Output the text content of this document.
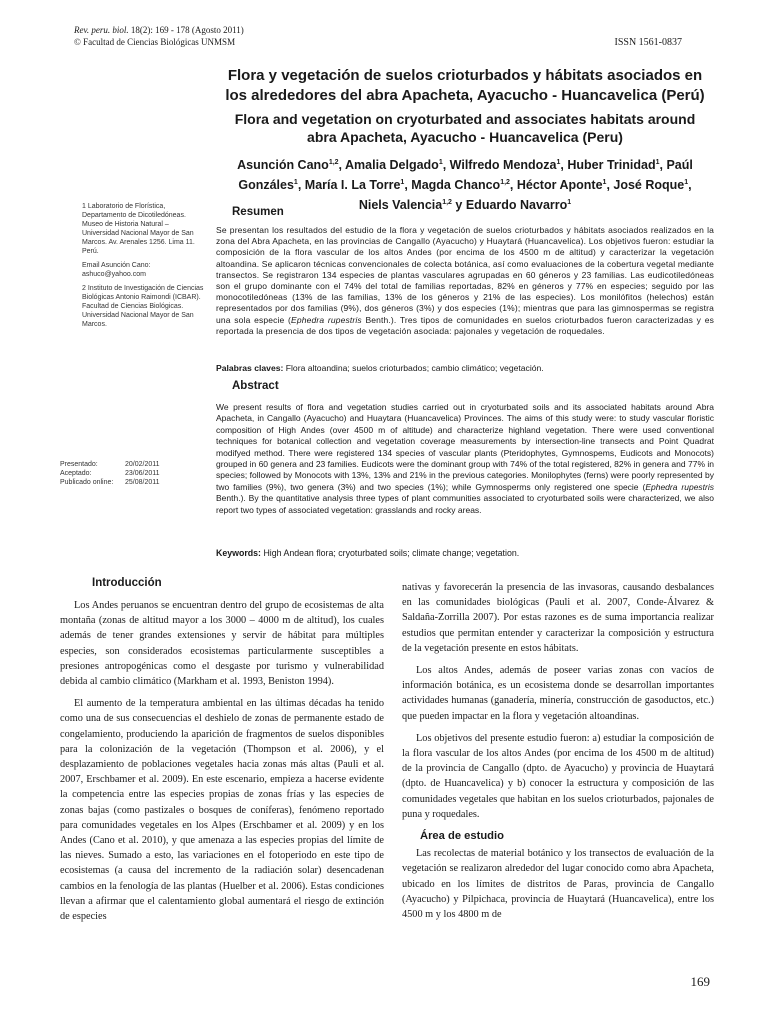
Rev. peru. biol. 18(2): 169 - 178 (Agosto 2011)
© Facultad de Ciencias Biológicas UNMSM	ISSN 1561-0837
Flora y vegetación de suelos crioturbados y hábitats asociados en
los alrededores del abra Apacheta, Ayacucho - Huancavelica (Perú)
Flora and vegetation on cryoturbated and associates habitats around
abra Apacheta, Ayacucho - Huancavelica (Peru)
Asunción Cano$^{1,2}$, Amalia Delgado$^1$, Wilfredo Mendoza$^1$, Huber Trinidad$^1$, Paúl
Gonzáles$^1$, María I. La Torre$^1$, Magda Chanco$^{1,2}$, Héctor Aponte$^1$, José Roque$^1$,
Niels Valencia$^{1,2}$ y Eduardo Navarro$^1$

1 Laboratorio de Florística, Departamento de Dicotiledóneas. Museo de Historia Natural –Universidad Nacional Mayor de San Marcos. Av. Arenales 1256. Lima 11. Perú.

Email Asunción Cano:
ashuco@yahoo.com

2 Instituto de Investigación de Ciencias Biológicas Antonio Raimondi (ICBAR). Facultad de Ciencias Biológicas. Universidad Nacional Mayor de San Marcos.

Resumen
Se presentan los resultados del estudio de la flora y vegetación de suelos crioturbados y hábitats asociados realizados en la zona del Abra Apacheta, en las provincias de Cangallo (Ayacucho) y Huaytará (Huancavelica). Los objetivos fueron: estudiar la composición de la flora vascular de los altos Andes (por encima de los 4500 m de altitud) y caracterizar la vegetación altoandina. Se aplicaron técnicas convencionales de colecta botánica, así como evaluaciones de la cobertura vegetal mediante transectos. Se registraron 134 especies de plantas vasculares agrupadas en 60 géneros y 23 familias. Las eudicotiledóneas son el grupo dominante con el 74% del total de familias reportadas, 82% en géneros y 77% en especies; seguido por las monocotiledóneas (13% de las familias, 13% de los géneros y 21% de las especies). Los monilófitos (helechos) están representados por dos familias (9%), dos géneros (3%) y dos especies (1%); mientras que para las gimnospermas se registra una sola especie (Ephedra rupestris Benth.). Tres tipos de comunidades en suelos crioturbados fueron caracterizadas y es reportada la presencia de dos tipos de vegetación asociada: pajonales y vegetación de roquedales.
Palabras claves: Flora altoandina; suelos crioturbados; cambio climático; vegetación.
Abstract
We present results of flora and vegetation studies carried out in cryoturbated soils and its associated habitats around Abra Apacheta, in Cangallo (Ayacucho) and Huaytara (Huancavelica) Provinces. The aims of this study were: to study vascular floristic composition of High Andes (over 4500 m of altitude) and characterize highland vegetation. There were used conventional techniques for botanical collection and vegetation coverage measurements by intersection-line transects and Point Quadrat modifyed method. There were registered 134 species of vascular plants (Pteridophytes, Gymnospems, Eudicots and Monocots) grouped in 60 genera and 23 families. Eudicots were the dominant group with 74% of the total registered, 82% in genera and 77% in species; followed by Monocots with 13%, 13% and 21% in the previous categories. Monilophytes (ferns) were poorly represented by two families (9%), two genera (3%) and two species (1%); while Gymnosperms only registered one specie (Ephedra rupestris Benth.). By the quantitative analysis three types of plant communities associated to cryoturbated soils were characterized, we also report two types of associated vegetation: grasslands and rocky areas.
Keywords: High Andean flora; cryoturbated soils; climate change; vegetation.
Presentado:	20/02/2011
Aceptado:	23/06/2011
Publicado online:	25/08/2011
Introducción

Los Andes peruanos se encuentran dentro del grupo de ecosistemas de alta montaña (zonas de altitud mayor a los 3000 – 4000 m de altitud), los cuales además de tener grandes extensiones y servir de hábitat para múltiples especies, son considerados ecosistemas particularmente susceptibles a presiones antropogénicas como el desgaste por turismo y vulnerabilidad debida al cambio climático (Markham et al. 1993, Beniston 1994).

El aumento de la temperatura ambiental en las últimas décadas ha tenido como una de sus consecuencias el deshielo de zonas de permanente estado de congelamiento, produciendo la aparición de fragmentos de suelos disponibles para la colonización de la vegetación (Thompson et al. 2006), y el desplazamiento de poblaciones vegetales hacia zonas más altas (Pauli et al. 2007, Erschbamer et al. 2009). En este escenario, empieza a hacerse evidente la competencia entre las especies propias de zonas frías y las especies de zonas bajas (como pastizales o bosques de coníferas), fenómeno reportado para comunidades vegetales en los Alpes (Erschbamer et al. 2009) y en los Andes (Cano et al. 2010), y que amenaza a las especies propias del límite de las nieves. Sumado a esto, las variaciones en el fotoperiodo en este tipo de ecosistemas (a causa del incremento de la radiación solar) desencadenan cambios en la fenología de las plantas (Huelber et al. 2006). Estas condiciones llevan a afirmar que el calentamiento global aumentará el riesgo de extinción de especies

nativas y favorecerán la presencia de las invasoras, causando desbalances en las comunidades biológicas (Pauli et al. 2007, Conde-Álvarez & Saldaña-Zorrilla 2007). Por estas razones es de suma importancia realizar estudios que permitan entender y caracterizar la composición y estructura de la vegetación presente en estos hábitats.

Los altos Andes, además de poseer varias zonas con vacíos de información botánica, es un ecosistema donde se desarrollan importantes actividades humanas (ganadería, minería, construcción de gasoductos, etc.) que pueden impactar en la flora y vegetación altoandinas.

Los objetivos del presente estudio fueron: a) estudiar la composición de la flora vascular de los altos Andes (por encima de los 4500 m de altitud) de la provincia de Cangallo (dpto. de Ayacucho) y provincia de Huaytará (dpto. de Huancavelica) y b) conocer la estructura y composición de las comunidades vegetales que habitan en los suelos crioturbados, pajonales de puna y roquedales.

Área de estudio

Las recolectas de material botánico y los transectos de evaluación de la vegetación se realizaron alrededor del lugar conocido como abra Apacheta, ubicado en los límites de distritos de Paras, provincia de Cangallo (Ayacucho) y Pilpichaca, provincia de Huaytará (Huancavelica), entre los 4500 m y los 4800 m de

169
